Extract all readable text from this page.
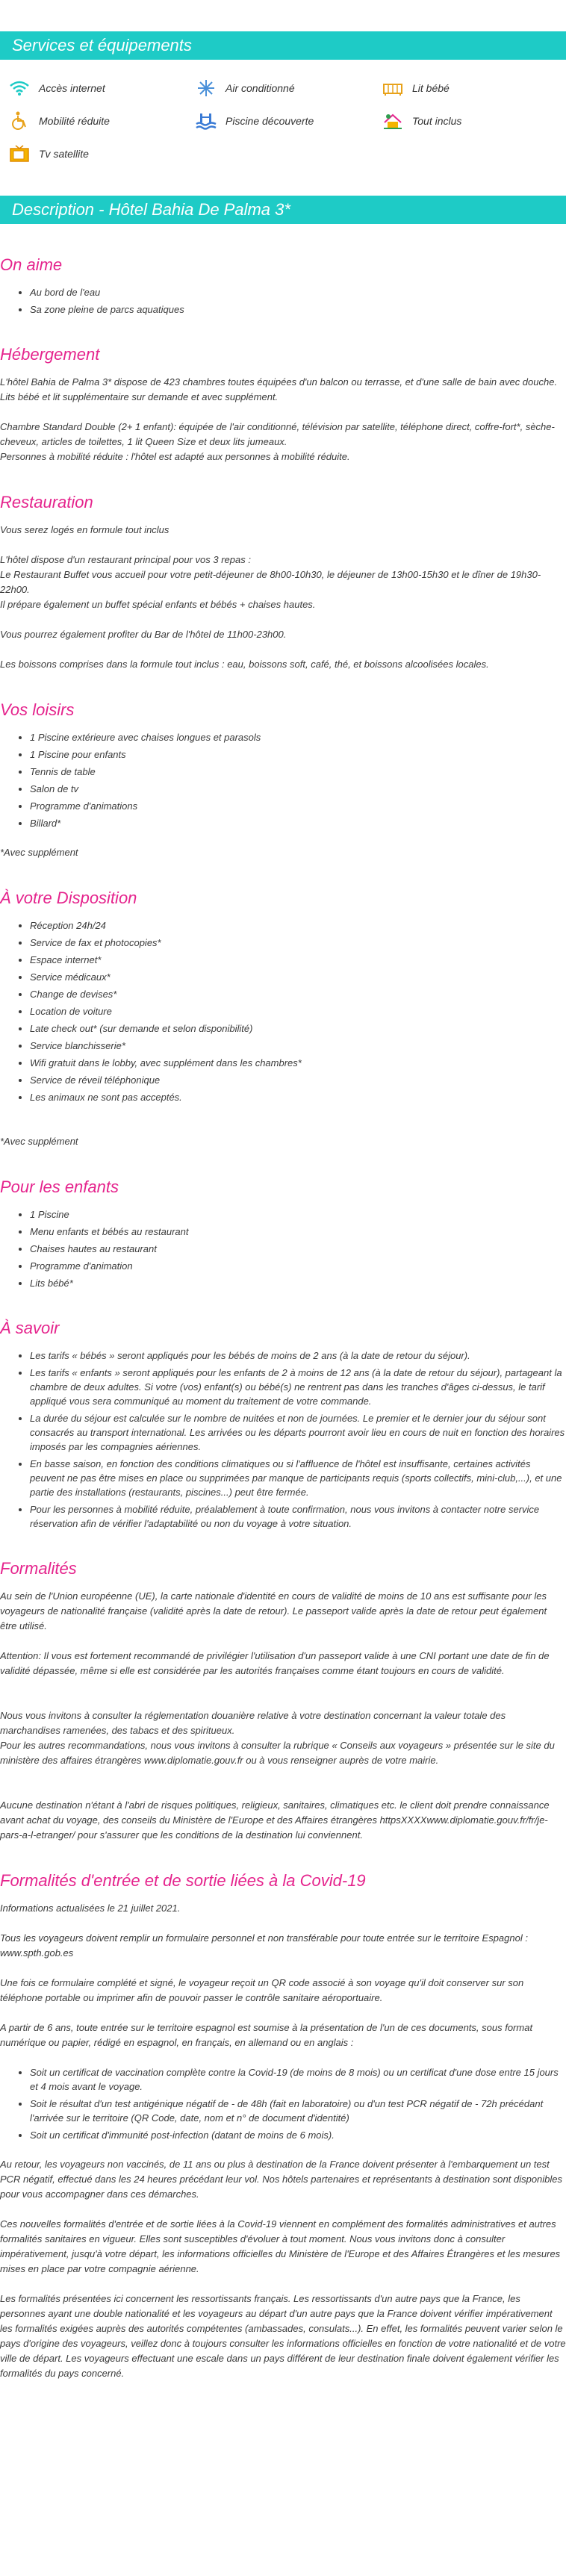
Services et équipements
Accès internet	Air conditionné	Lit bébé
Mobilité réduite	Piscine découverte	Tout inclus
Tv satellite
Description - Hôtel Bahia De Palma 3*
On aime
• Au bord de l'eau
• Sa zone pleine de parcs aquatiques
Hébergement

L'hôtel Bahia de Palma 3* dispose de 423 chambres toutes équipées d'un balcon ou terrasse, et d'une salle de bain avec douche. Lits bébé et lit supplémentaire sur demande et avec supplément.

Chambre Standard Double (2+ 1 enfant): équipée de l'air conditionné, télévision par satellite, téléphone direct, coffre-fort*, sèche-cheveux, articles de toilettes, 1 lit Queen Size et deux lits jumeaux.

Personnes à mobilité réduite : l'hôtel est adapté aux personnes à mobilité réduite.

Restauration

Vous serez logés en formule tout inclus

L'hôtel dispose d'un restaurant principal pour vos 3 repas :

Le Restaurant Buffet vous accueil pour votre petit-déjeuner de 8h00-10h30, le déjeuner de 13h00-15h30 et le dîner de 19h30-22h00.

Il prépare également un buffet spécial enfants et bébés + chaises hautes.

Vous pourrez également profiter du Bar de l'hôtel de 11h00-23h00.

Les boissons comprises dans la formule tout inclus : eau, boissons soft, café, thé, et boissons alcoolisées locales.

Vos loisirs
• 1 Piscine extérieure avec chaises longues et parasols
• 1 Piscine pour enfants
• Tennis de table
• Salon de tv
• Programme d'animations
• Billard*

*Avec supplément

À votre Disposition
• Réception 24h/24
• Service de fax et photocopies*
• Espace internet*
• Service médicaux*
• Change de devises*
• Location de voiture
• Late check out* (sur demande et selon disponibilité)
• Service blanchisserie*
• Wifi gratuit dans le lobby, avec supplément dans les chambres*
• Service de réveil téléphonique
• Les animaux ne sont pas acceptés.

*Avec supplément

Pour les enfants
• 1 Piscine
• Menu enfants et bébés au restaurant
• Chaises hautes au restaurant
• Programme d'animation
• Lits bébé*
À savoir
• Les tarifs « bébés » seront appliqués pour les bébés de moins de 2 ans (à la date de retour du séjour).
• Les tarifs « enfants » seront appliqués pour les enfants de 2 à moins de 12 ans (à la date de retour du séjour), partageant la chambre de deux adultes. Si votre (vos) enfant(s) ou bébé(s) ne rentrent pas dans les tranches d'âges ci-dessus, le tarif appliqué vous sera communiqué au moment du traitement de votre commande.
• La durée du séjour est calculée sur le nombre de nuitées et non de journées. Le premier et le dernier jour du séjour sont consacrés au transport international. Les arrivées ou les départs pourront avoir lieu en cours de nuit en fonction des horaires imposés par les compagnies aériennes.
• En basse saison, en fonction des conditions climatiques ou si l'affluence de l'hôtel est insuffisante, certaines activités peuvent ne pas être mises en place ou supprimées par manque de participants requis (sports collectifs, mini-club,...), et une partie des installations (restaurants, piscines...) peut être fermée.
• Pour les personnes à mobilité réduite, préalablement à toute confirmation, nous vous invitons à contacter notre service réservation afin de vérifier l'adaptabilité ou non du voyage à votre situation.
Formalités

Au sein de l'Union européenne (UE), la carte nationale d'identité en cours de validité de moins de 10 ans est suffisante pour les voyageurs de nationalité française (validité après la date de retour). Le passeport valide après la date de retour peut également être utilisé.

Attention: Il vous est fortement recommandé de privilégier l'utilisation d'un passeport valide à une CNI portant une date de fin de validité dépassée, même si elle est considérée par les autorités françaises comme étant toujours en cours de validité.

Nous vous invitons à consulter la réglementation douanière relative à votre destination concernant la valeur totale des marchandises ramenées, des tabacs et des spiritueux.

Pour les autres recommandations, nous vous invitons à consulter la rubrique « Conseils aux voyageurs » présentée sur le site du ministère des affaires étrangères www.diplomatie.gouv.fr ou à vous renseigner auprès de votre mairie.

Aucune destination n'étant à l'abri de risques politiques, religieux, sanitaires, climatiques etc. le client doit prendre connaissance avant achat du voyage, des conseils du Ministère de l'Europe et des Affaires étrangères httpsXXXXwww.diplomatie.gouv.fr/fr/je-pars-a-l-etranger/ pour s'assurer que les conditions de la destination lui conviennent.

Formalités d'entrée et de sortie liées à la Covid-19

Informations actualisées le 21 juillet 2021.

Tous les voyageurs doivent remplir un formulaire personnel et non transférable pour toute entrée sur le territoire Espagnol : www.spth.gob.es

Une fois ce formulaire complété et signé, le voyageur reçoit un QR code associé à son voyage qu'il doit conserver sur son téléphone portable ou imprimer afin de pouvoir passer le contrôle sanitaire aéroportuaire.

A partir de 6 ans, toute entrée sur le territoire espagnol est soumise à la présentation de l'un de ces documents, sous format numérique ou papier, rédigé en espagnol, en français, en allemand ou en anglais :

• Soit un certificat de vaccination complète contre la Covid-19 (de moins de 8 mois) ou un certificat d'une dose entre 15 jours et 4 mois avant le voyage.
• Soit le résultat d'un test antigénique négatif de - de 48h (fait en laboratoire) ou d'un test PCR négatif de - 72h précédant l'arrivée sur le territoire (QR Code, date, nom et n° de document d'identité)
• Soit un certificat d'immunité post-infection (datant de moins de 6 mois).

Au retour, les voyageurs non vaccinés, de 11 ans ou plus à destination de la France doivent présenter à l'embarquement un test PCR négatif, effectué dans les 24 heures précédant leur vol. Nos hôtels partenaires et représentants à destination sont disponibles pour vous accompagner dans ces démarches.

Ces nouvelles formalités d'entrée et de sortie liées à la Covid-19 viennent en complément des formalités administratives et autres formalités sanitaires en vigueur. Elles sont susceptibles d'évoluer à tout moment. Nous vous invitons donc à consulter impérativement, jusqu'à votre départ, les informations officielles du Ministère de l'Europe et des Affaires Étrangères et les mesures mises en place par votre compagnie aérienne.

Les formalités présentées ici concernent les ressortissants français. Les ressortissants d'un autre pays que la France, les personnes ayant une double nationalité et les voyageurs au départ d'un autre pays que la France doivent vérifier impérativement les formalités exigées auprès des autorités compétentes (ambassades, consulats...). En effet, les formalités peuvent varier selon le pays d'origine des voyageurs, veillez donc à toujours consulter les informations officielles en fonction de votre nationalité et de votre ville de départ. Les voyageurs effectuant une escale dans un pays différent de leur destination finale doivent également vérifier les formalités du pays concerné.
